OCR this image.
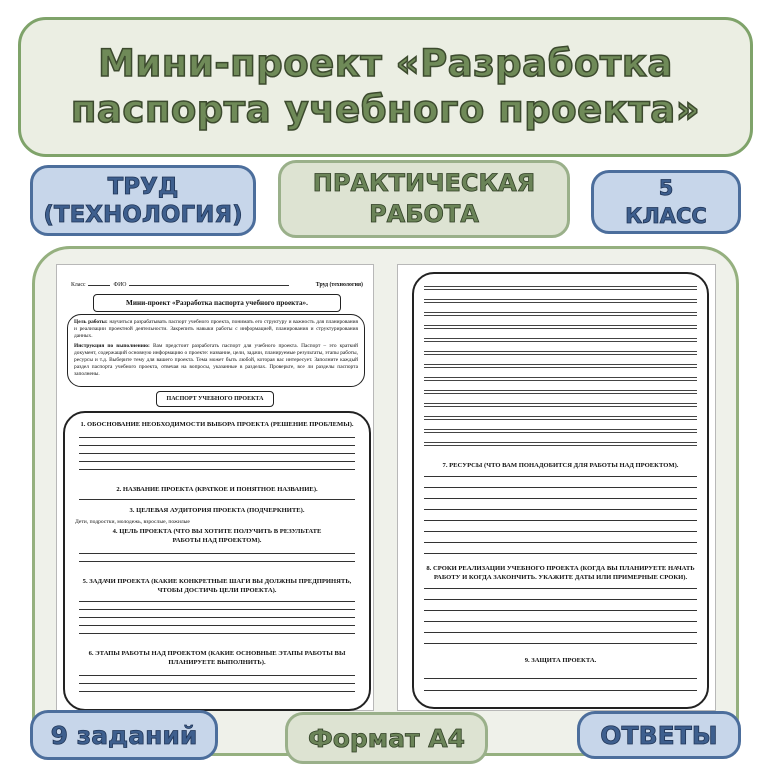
Мини-проект «Разработка
паспорта учебного проекта»
ТРУД
(ТЕХНОЛОГИЯ)
ПРАКТИЧЕСКАЯ
РАБОТА
5
КЛАСС
Класс	ФИО	Труд (технология)
Мини-проект «Разработка паспорта учебного проекта».
Цель работы: научиться разрабатывать паспорт учебного проекта, понимать его структуру и важность для планирования и реализации проектной деятельности. Закрепить навыки работы с информацией, планирования и структурирования данных.
Инструкция по выполнению: Вам предстоит разработать паспорт для учебного проекта. Паспорт – это краткий документ, содержащий основную информацию о проекте: название, цели, задачи, планируемые результаты, этапы работы, ресурсы и т.д. Выберите тему для вашего проекта. Тема может быть любой, которая вас интересует. Заполните каждый раздел паспорта учебного проекта, отвечая на вопросы, указанные в разделах. Проверьте, все ли разделы паспорта заполнены.
ПАСПОРТ УЧЕБНОГО ПРОЕКТА
1. ОБОСНОВАНИЕ НЕОБХОДИМОСТИ ВЫБОРА ПРОЕКТА (РЕШЕНИЕ ПРОБЛЕМЫ).
2. НАЗВАНИЕ ПРОЕКТА (КРАТКОЕ И ПОНЯТНОЕ НАЗВАНИЕ).
3. ЦЕЛЕВАЯ АУДИТОРИЯ ПРОЕКТА (ПОДЧЕРКНИТЕ).
Дети, подростки, молодежь, взрослые, пожилые
4. ЦЕЛЬ ПРОЕКТА (ЧТО ВЫ ХОТИТЕ ПОЛУЧИТЬ В РЕЗУЛЬТАТЕ
РАБОТЫ НАД ПРОЕКТОМ).
5. ЗАДАЧИ ПРОЕКТА (КАКИЕ КОНКРЕТНЫЕ ШАГИ ВЫ ДОЛЖНЫ ПРЕДПРИНЯТЬ,
ЧТОБЫ ДОСТИЧЬ ЦЕЛИ ПРОЕКТА).
6. ЭТАПЫ РАБОТЫ НАД ПРОЕКТОМ (КАКИЕ ОСНОВНЫЕ ЭТАПЫ РАБОТЫ ВЫ
ПЛАНИРУЕТЕ ВЫПОЛНИТЬ).
7. РЕСУРСЫ (ЧТО ВАМ ПОНАДОБИТСЯ ДЛЯ РАБОТЫ НАД ПРОЕКТОМ).
8. СРОКИ РЕАЛИЗАЦИИ УЧЕБНОГО ПРОЕКТА (КОГДА ВЫ ПЛАНИРУЕТЕ НАЧАТЬ
РАБОТУ И КОГДА ЗАКОНЧИТЬ. УКАЖИТЕ ДАТЫ ИЛИ ПРИМЕРНЫЕ СРОКИ).
9. ЗАЩИТА ПРОЕКТА.
9 заданий	Формат А4	ОТВЕТЫ
